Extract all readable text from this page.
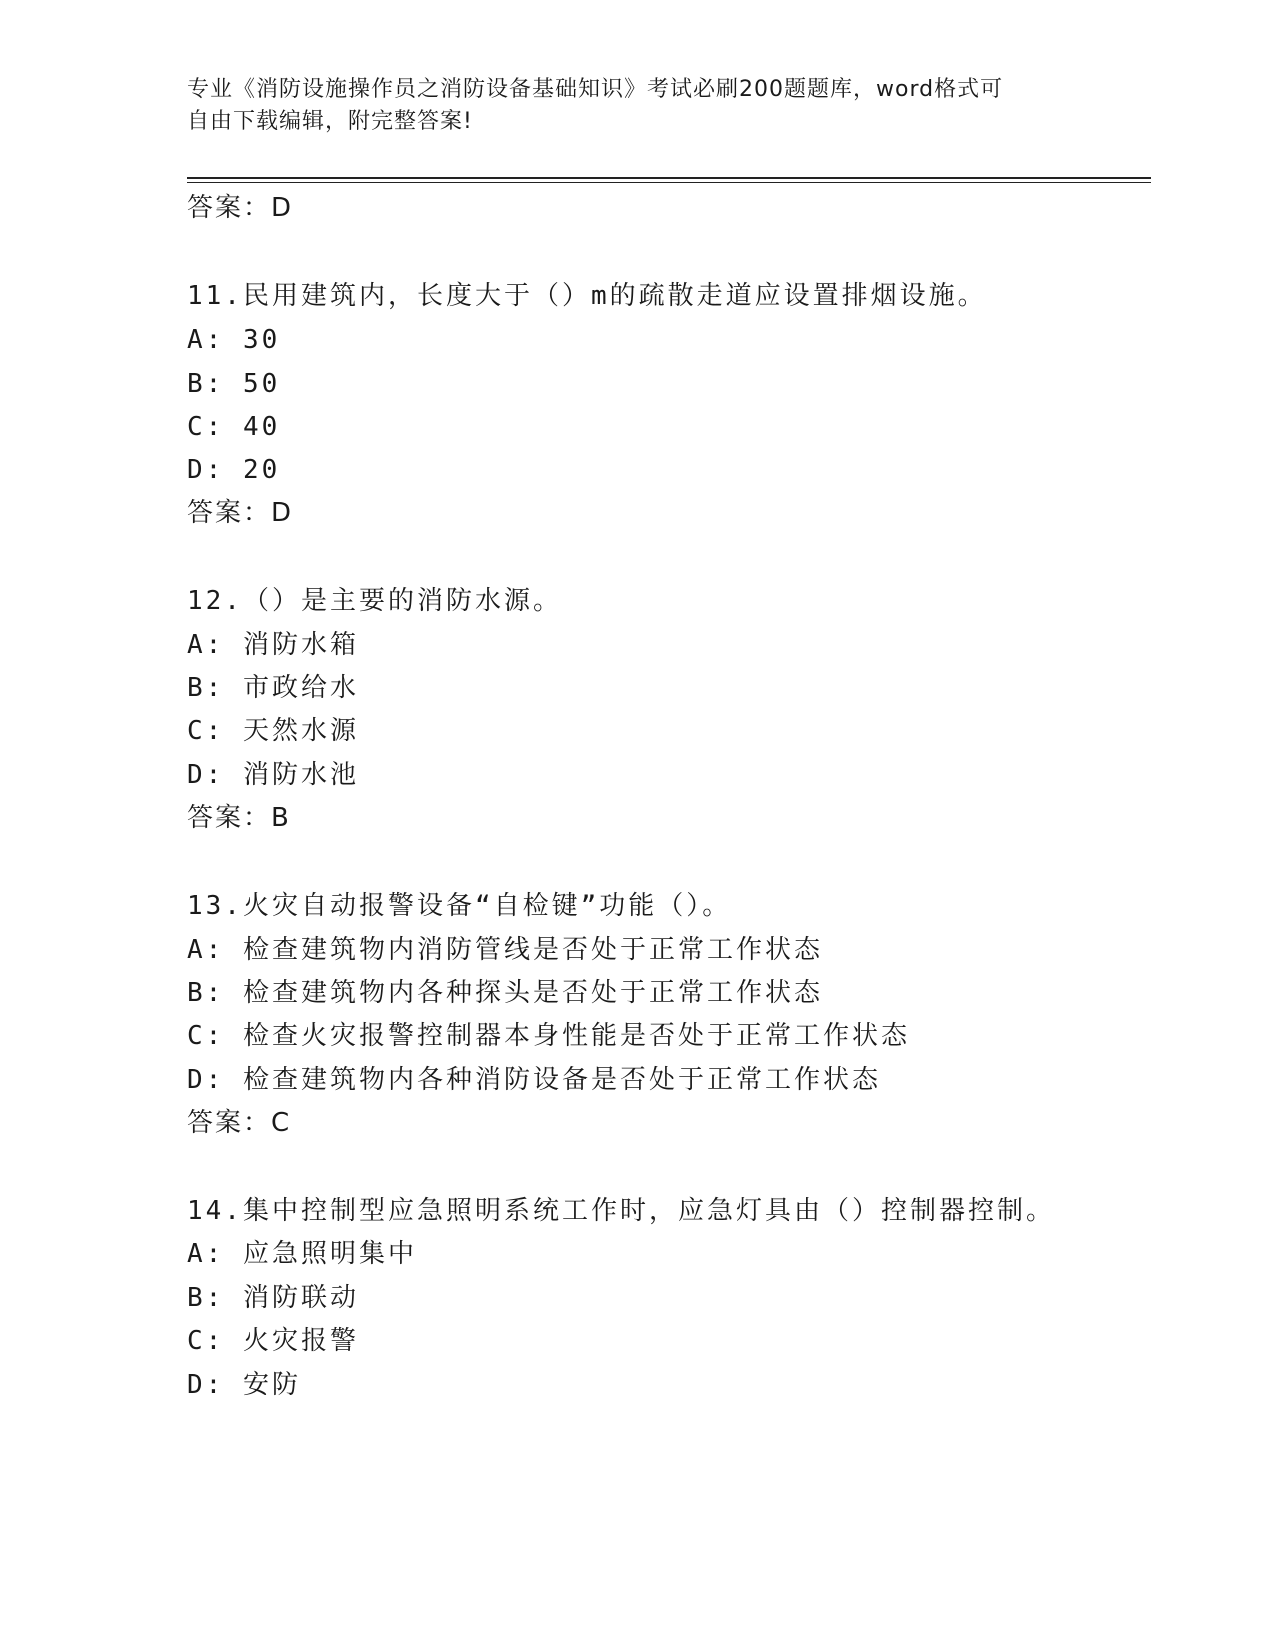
专业《消防设施操作员之消防设备基础知识》考试必刷200题题库，word格式可
自由下载编辑，附完整答案!
答案：D
11.民用建筑内，长度大于（）m的疏散走道应设置排烟设施。
A: 30
B: 50
C: 40
D: 20
答案：D
12.（）是主要的消防水源。
A: 消防水箱
B: 市政给水
C: 天然水源
D: 消防水池
答案：B
13.火灾自动报警设备“自检键”功能（）。
A: 检查建筑物内消防管线是否处于正常工作状态
B: 检查建筑物内各种探头是否处于正常工作状态
C: 检查火灾报警控制器本身性能是否处于正常工作状态
D: 检查建筑物内各种消防设备是否处于正常工作状态
答案：C
14.集中控制型应急照明系统工作时，应急灯具由（）控制器控制。
A: 应急照明集中
B: 消防联动
C: 火灾报警
D: 安防
